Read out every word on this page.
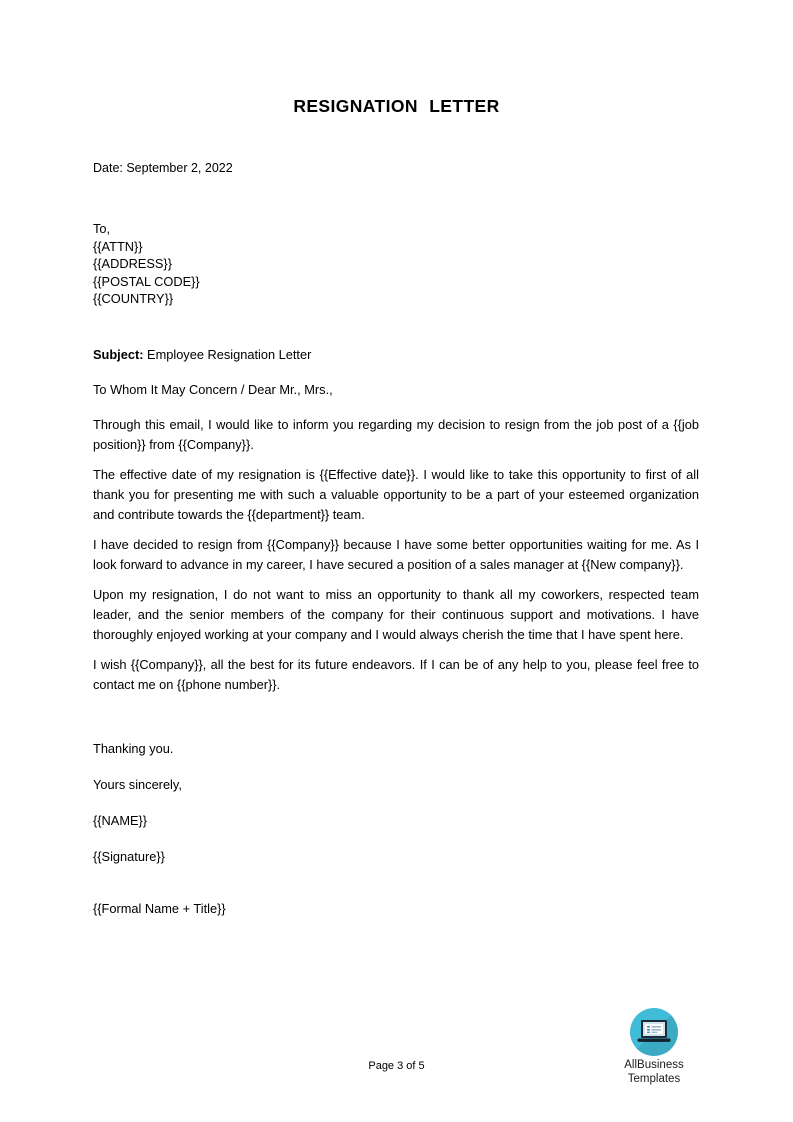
RESIGNATION LETTER
Date: September 2, 2022
To,
{{ATTN}}
{{ADDRESS}}
{{POSTAL CODE}}
{{COUNTRY}}
Subject: Employee Resignation Letter
To Whom It May Concern / Dear Mr., Mrs.,

Through this email, I would like to inform you regarding my decision to resign from the job post of a {{job position}} from {{Company}}.

The effective date of my resignation is {{Effective date}}. I would like to take this opportunity to first of all thank you for presenting me with such a valuable opportunity to be a part of your esteemed organization and contribute towards the {{department}} team.

I have decided to resign from {{Company}} because I have some better opportunities waiting for me. As I look forward to advance in my career, I have secured a position of a sales manager at {{New company}}.

Upon my resignation, I do not want to miss an opportunity to thank all my coworkers, respected team leader, and the senior members of the company for their continuous support and motivations. I have thoroughly enjoyed working at your company and I would always cherish the time that I have spent here.

I wish {{Company}}, all the best for its future endeavors. If I can be of any help to you, please feel free to contact me on {{phone number}}.

Thanking you.

Yours sincerely,

{{NAME}}

{{Signature}}

{{Formal Name + Title}}

Page 3 of 5	AllBusiness
Templates
